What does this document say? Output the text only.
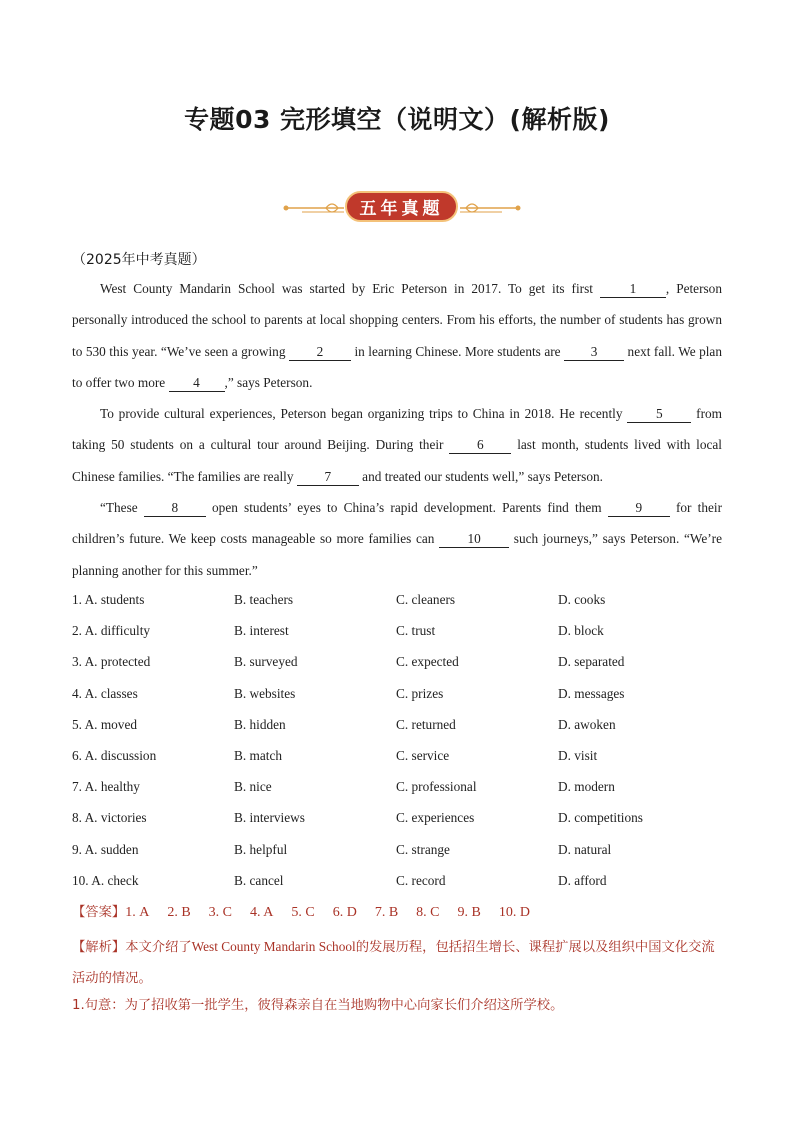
专题03 完形填空（说明文）(解析版)
五年真题
（2025年中考真题）
West County Mandarin School was started by Eric Peterson in 2017. To get its first 1 , Peterson personally introduced the school to parents at local shopping centers. From his efforts, the number of students has grown to 530 this year. “We’ve seen a growing 2 in learning Chinese. More students are 3 next fall. We plan to offer two more 4 ,” says Peterson.
To provide cultural experiences, Peterson began organizing trips to China in 2018. He recently 5 from taking 50 students on a cultural tour around Beijing. During their 6 last month, students lived with local Chinese families. “The families are really 7 and treated our students well,” says Peterson.
“These 8 open students’ eyes to China’s rapid development. Parents find them 9 for their children’s future. We keep costs manageable so more families can 10 such journeys,” says Peterson. “We’re planning another for this summer.”
1. A. students	B. teachers	C. cleaners	D. cooks
2. A. difficulty	B. interest	C. trust	D. block
3. A. protected	B. surveyed	C. expected	D. separated
4. A. classes	B. websites	C. prizes	D. messages
5. A. moved	B. hidden	C. returned	D. awoken
6. A. discussion	B. match	C. service	D. visit
7. A. healthy	B. nice	C. professional	D. modern
8. A. victories	B. interviews	C. experiences	D. competitions
9. A. sudden	B. helpful	C. strange	D. natural
10. A. check	B. cancel	C. record	D. afford
【答案】1. A 2. B 3. C 4. A 5. C 6. D 7. B 8. C 9. B 10. D
【解析】本文介绍了West County Mandarin School的发展历程，包括招生增长、课程扩展以及组织中国文化交流活动的情况。
1.句意：为了招收第一批学生，彼得森亲自在当地购物中心向家长们介绍这所学校。
